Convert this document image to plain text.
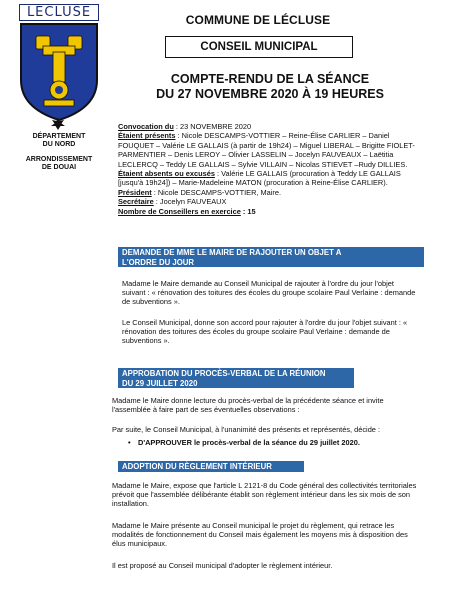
LECLUSE
DÉPARTEMENT
DU NORD
ARRONDISSEMENT
DE DOUAI
COMMUNE DE LÉCLUSE
CONSEIL MUNICIPAL
COMPTE-RENDU DE LA SÉANCE
DU 27 NOVEMBRE 2020 À 19 HEURES

Convocation du : 23 NOVEMBRE 2020

Étaient présents : Nicole DESCAMPS-VOTTIER – Reine-Élise CARLIER – Daniel FOUQUET – Valérie LE GALLAIS (à partir de 19h24) – Miguel LIBERAL – Brigitte FIOLET-PARMENTIER – Denis LEROY – Olivier LASSELIN – Jocelyn FAUVEAUX – Laëtitia LECLERCQ – Teddy LE GALLAIS – Sylvie VILLAIN – Nicolas STIEVET –Rudy DILLIES.

Étaient absents ou excusés : Valérie LE GALLAIS (procuration à Teddy LE GALLAIS [jusqu'à 19h24]) – Marie-Madeleine MATON (procuration à Reine-Élise CARLIER).

Président : Nicole DESCAMPS-VOTTIER, Maire.

Secrétaire : Jocelyn FAUVEAUX

Nombre de Conseillers en exercice : 15

DEMANDE DE MME LE MAIRE DE RAJOUTER UN OBJET A
L'ORDRE DU JOUR

Madame le Maire demande au Conseil Municipal de rajouter à l'ordre du jour l'objet suivant : « rénovation des toitures des écoles du groupe scolaire Paul Verlaine : demande de subventions ».

Le Conseil Municipal, donne son accord pour rajouter à l'ordre du jour l'objet suivant : « rénovation des toitures des écoles du groupe scolaire Paul Verlaine : demande de subventions ».

APPROBATION DU PROCÈS-VERBAL DE LA RÉUNION
DU 29 JUILLET 2020

Madame le Maire donne lecture du procès-verbal de la précédente séance et invite l'assemblée à faire part de ses éventuelles observations :

Par suite, le Conseil Municipal, à l'unanimité des présents et représentés, décide :

• D'APPROUVER le procès-verbal de la séance du 29 juillet 2020.
ADOPTION DU RÈGLEMENT INTÉRIEUR

Madame le Maire, expose que l'article L 2121-8 du Code général des collectivités territoriales prévoit que l'assemblée délibérante établit son règlement intérieur dans les six mois de son installation.

Madame le Maire présente au Conseil municipal le projet du règlement, qui retrace les modalités de fonctionnement du Conseil mais également les moyens mis à disposition des élus municipaux.

Il est proposé au Conseil municipal d'adopter le règlement intérieur.
